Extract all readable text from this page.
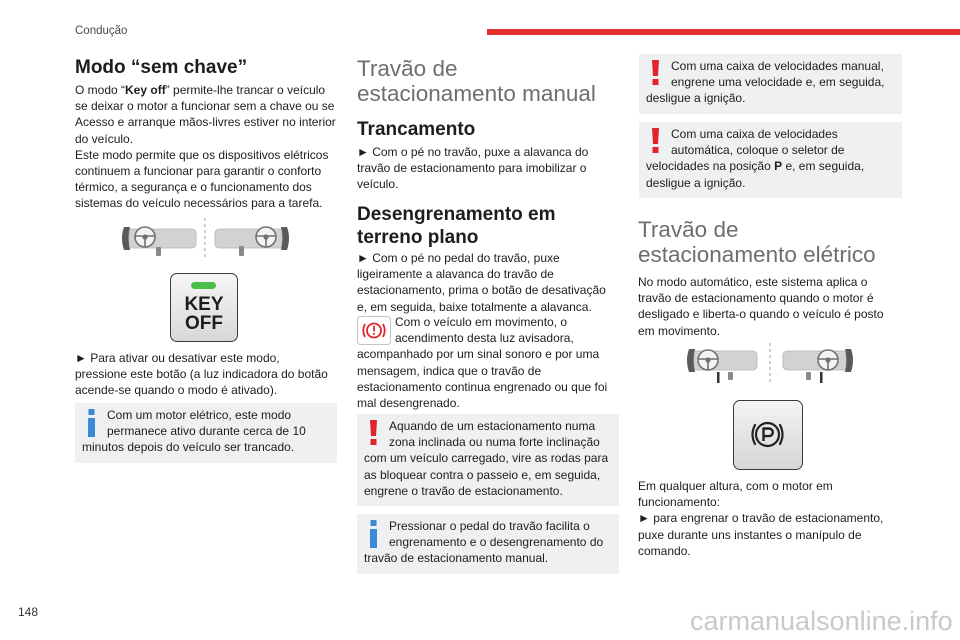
Condução
Modo “sem chave”
O modo “Key off” permite-lhe trancar o veículo
se deixar o motor a funcionar sem a chave ou se
Acesso e arranque mãos-livres estiver no interior
do veículo.
Este modo permite que os dispositivos elétricos
continuem a funcionar para garantir o conforto
térmico, a segurança e o funcionamento dos
sistemas do veículo necessários para a tarefa.
KEY
OFF
► Para ativar ou desativar este modo,
pressione este botão (a luz indicadora do botão
acende-se quando o modo é ativado).
Com um motor elétrico, este modo
permanece ativo durante cerca de 10
minutos depois do veículo ser trancado.
Travão de
estacionamento manual
Trancamento
► Com o pé no travão, puxe a alavanca do
travão de estacionamento para imobilizar o
veículo.
Desengrenamento em
terreno plano
► Com o pé no pedal do travão, puxe
ligeiramente a alavanca do travão de
estacionamento, prima o botão de desativação
e, em seguida, baixe totalmente a alavanca.
Com o veículo em movimento, o
acendimento desta luz avisadora,
acompanhado por um sinal sonoro e por uma
mensagem, indica que o travão de
estacionamento continua engrenado ou que foi
mal desengrenado.
Aquando de um estacionamento numa
zona inclinada ou numa forte inclinação
com um veículo carregado, vire as rodas para
as bloquear contra o passeio e, em seguida,
engrene o travão de estacionamento.
Pressionar o pedal do travão facilita o
engrenamento e o desengrenamento do
travão de estacionamento manual.
Com uma caixa de velocidades manual,
engrene uma velocidade e, em seguida,
desligue a ignição.
Com uma caixa de velocidades
automática, coloque o seletor de
velocidades na posição P e, em seguida,
desligue a ignição.
Travão de
estacionamento elétrico
No modo automático, este sistema aplica o
travão de estacionamento quando o motor é
desligado e liberta-o quando o veículo é posto
em movimento.
Em qualquer altura, com o motor em
funcionamento:
► para engrenar o travão de estacionamento,
puxe durante uns instantes o manípulo de
comando.
148	carmanualsonline.info
